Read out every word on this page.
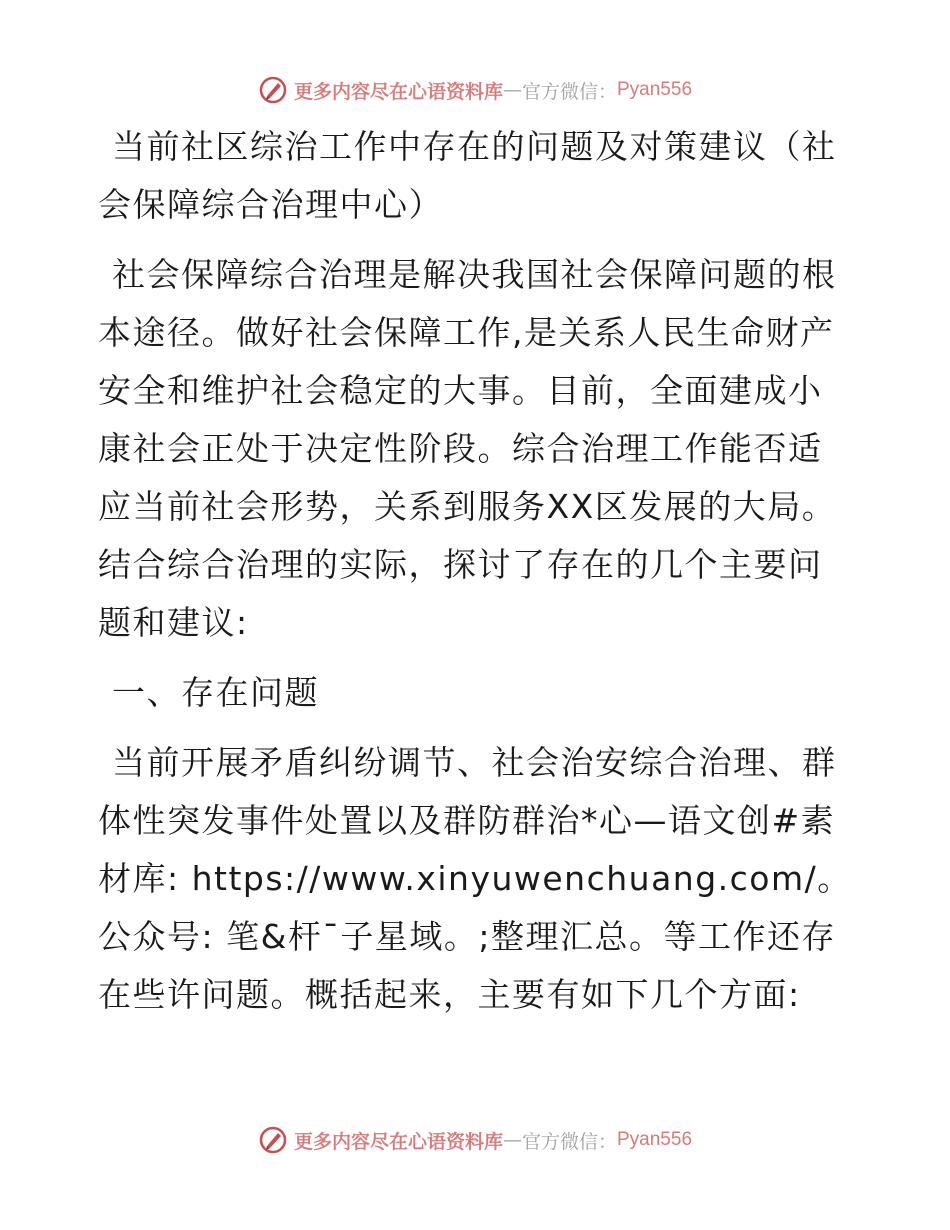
更多内容尽在心语资料库 — 官方微信： Pyan556

当前社区综治工作中存在的问题及对策建议（社会保障综合治理中心）

社会保障综合治理是解决我国社会保障问题的根本途径。做好社会保障工作,是关系人民生命财产安全和维护社会稳定的大事。目前，全面建成小康社会正处于决定性阶段。综合治理工作能否适应当前社会形势，关系到服务XX区发展的大局。结合综合治理的实际，探讨了存在的几个主要问题和建议:

一、存在问题

当前开展矛盾纠纷调节、社会治安综合治理、群体性突发事件处置以及群防群治*心—语文创#素材库: https://www.xinyuwenchuang.com/。公众号: 笔&杆¯子星域。;整理汇总。等工作还存在些许问题。概括起来，主要有如下几个方面:

更多内容尽在心语资料库 — 官方微信： Pyan556
